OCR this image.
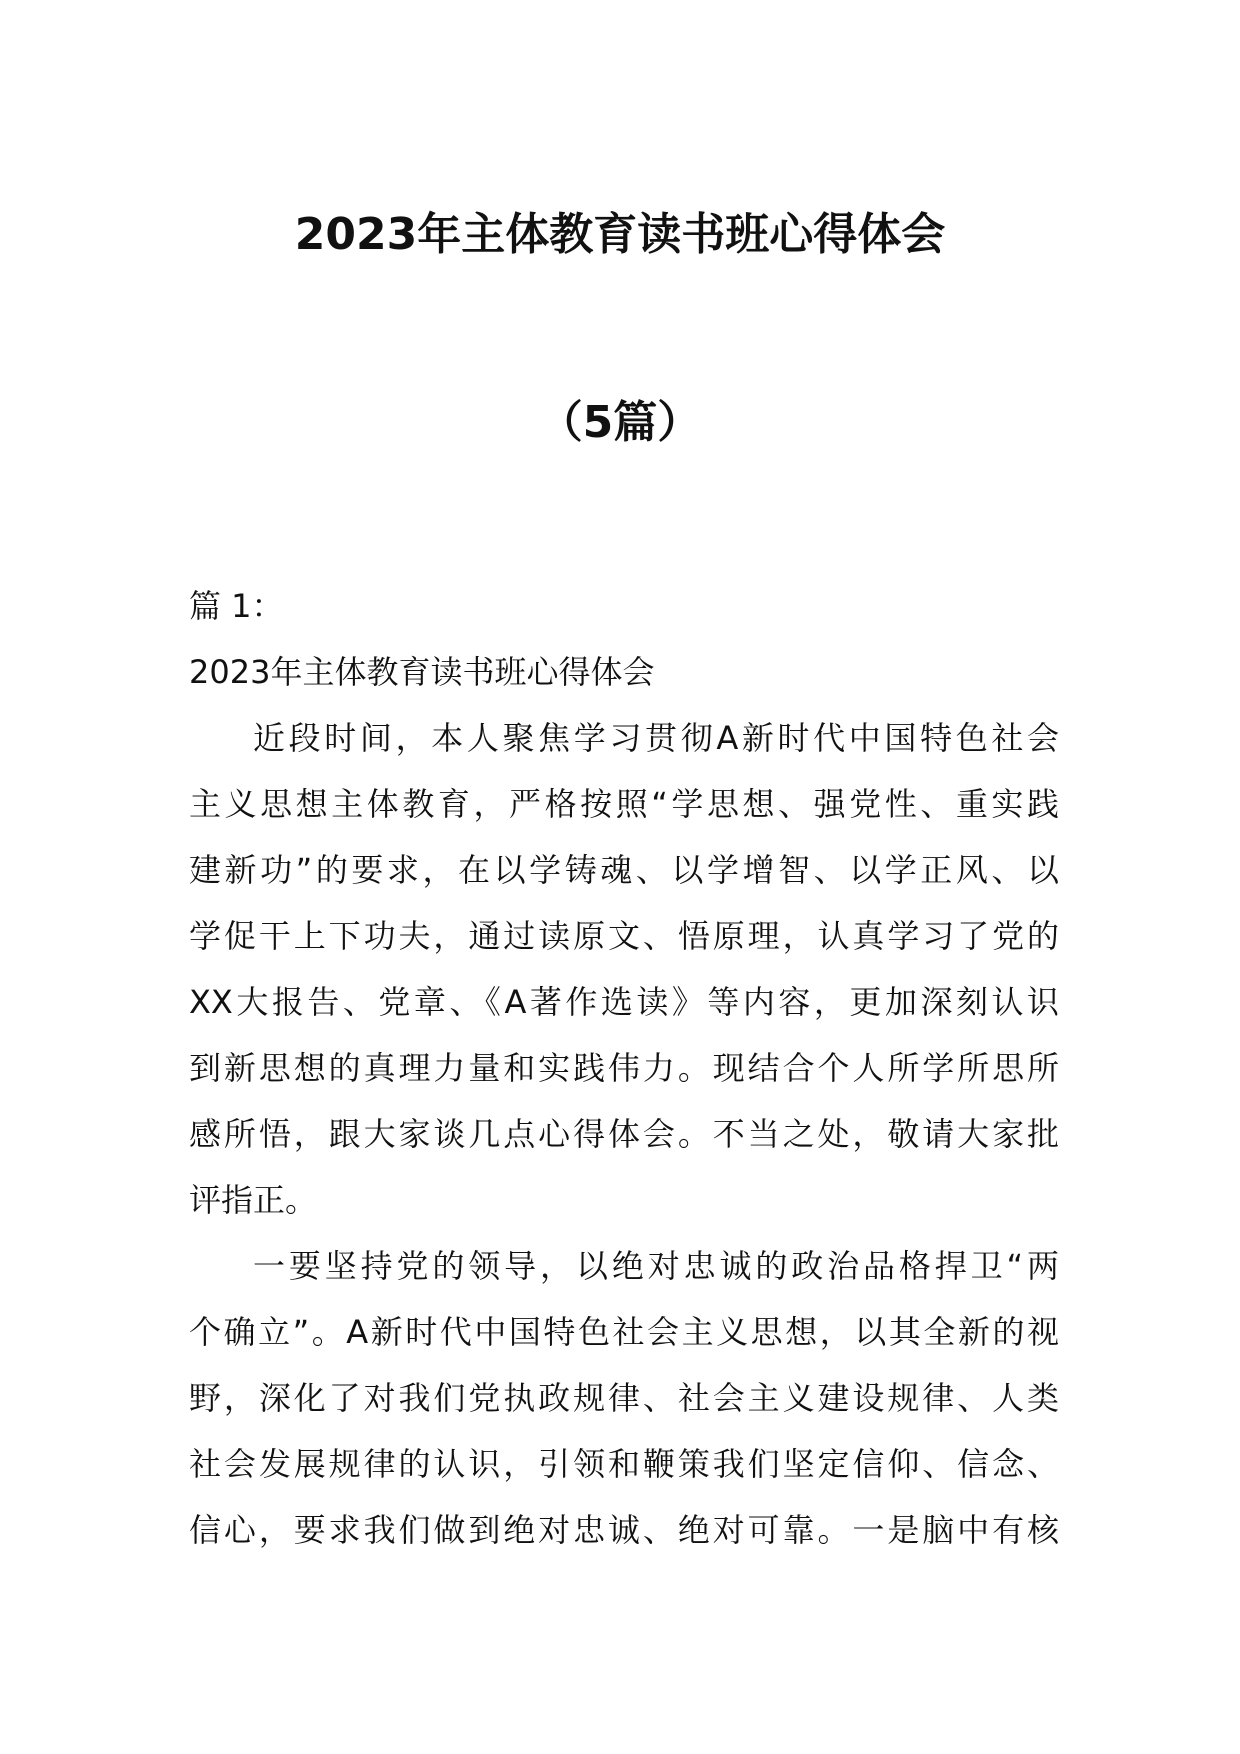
2023年主体教育读书班心得体会
（5篇）
篇 1：
2023年主体教育读书班心得体会
近段时间，本人聚焦学习贯彻A新时代中国特色社会
主义思想主体教育，严格按照“学思想、强党性、重实践
建新功”的要求，在以学铸魂、以学增智、以学正风、以
学促干上下功夫，通过读原文、悟原理，认真学习了党的
XX大报告、党章、《A著作选读》等内容，更加深刻认识
到新思想的真理力量和实践伟力。现结合个人所学所思所
感所悟，跟大家谈几点心得体会。不当之处，敬请大家批
评指正。
一要坚持党的领导，以绝对忠诚的政治品格捍卫“两
个确立”。A新时代中国特色社会主义思想，以其全新的视
野，深化了对我们党执政规律、社会主义建设规律、人类
社会发展规律的认识，引领和鞭策我们坚定信仰、信念、
信心，要求我们做到绝对忠诚、绝对可靠。一是脑中有核
